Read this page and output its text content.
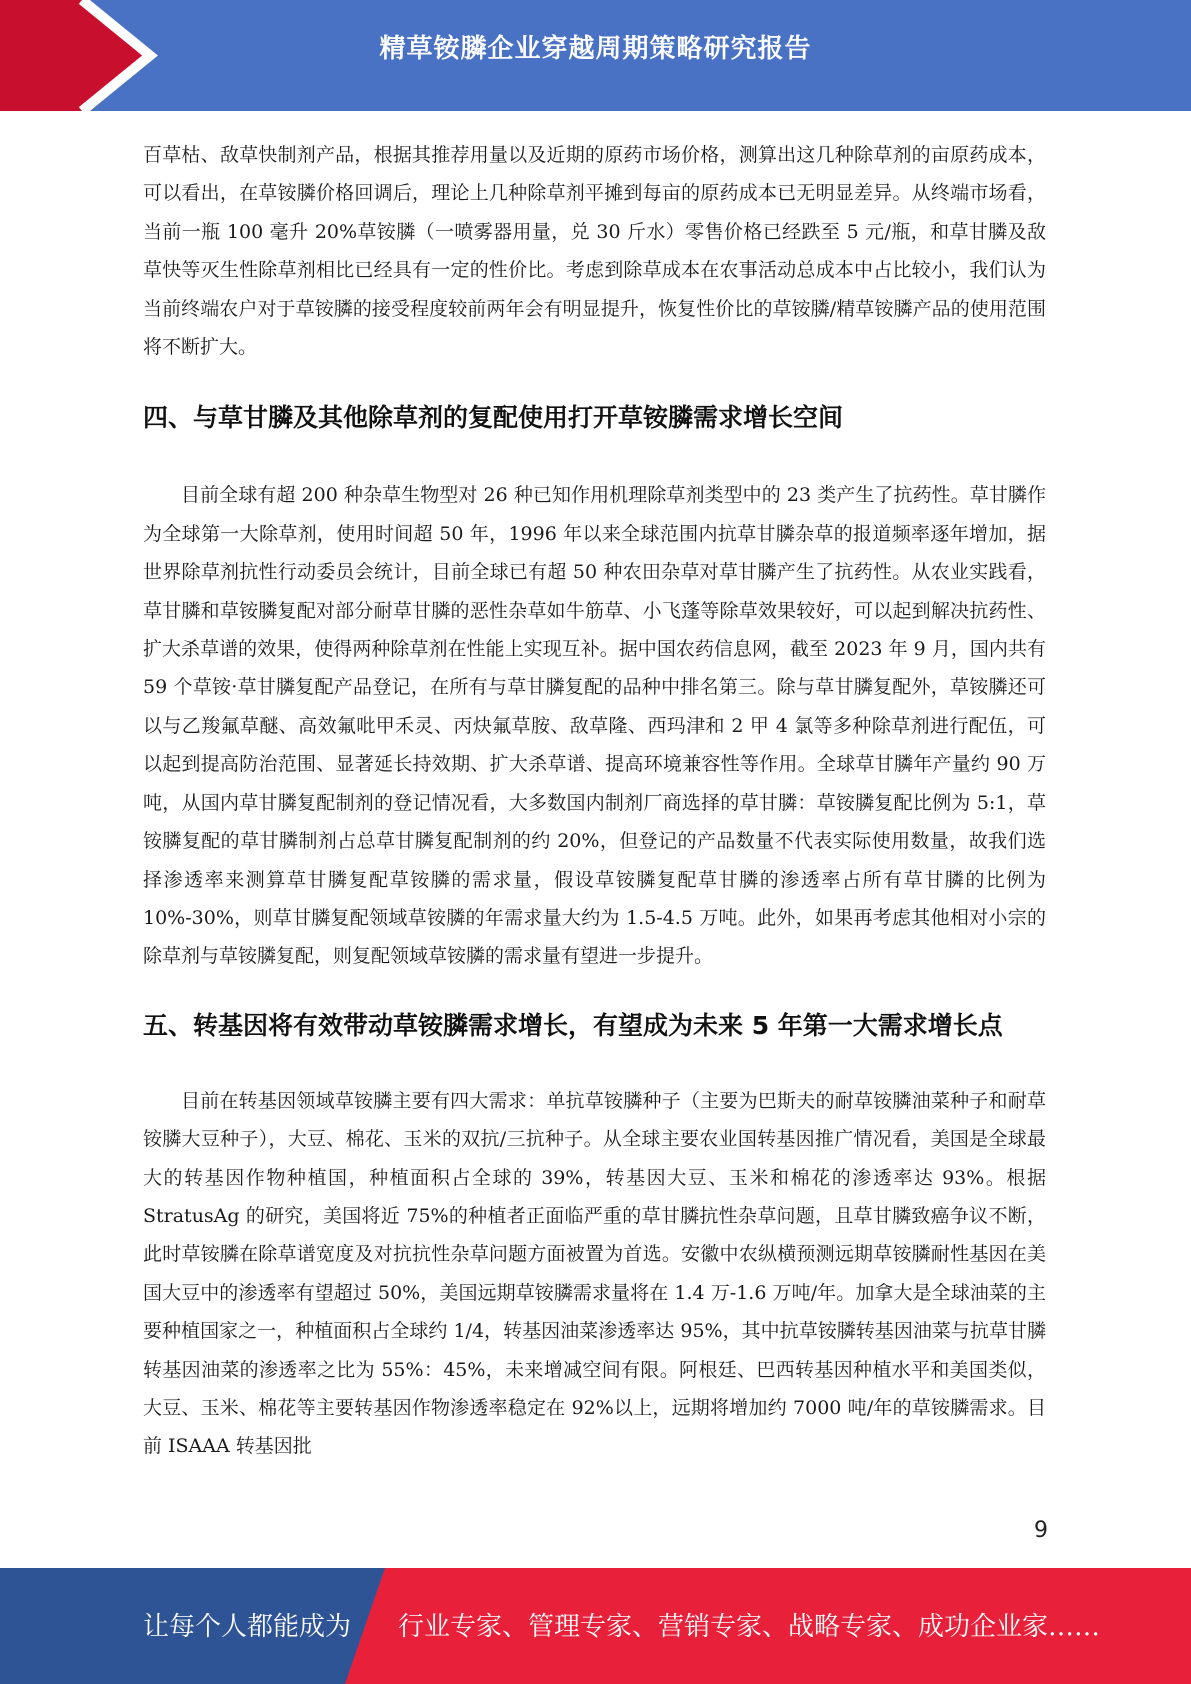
精草铵膦企业穿越周期策略研究报告

百草枯、敌草快制剂产品，根据其推荐用量以及近期的原药市场价格，测算出这几种除草剂的亩原药成本，可以看出，在草铵膦价格回调后，理论上几种除草剂平摊到每亩的原药成本已无明显差异。从终端市场看，当前一瓶 100 毫升 20%草铵膦（一喷雾器用量，兑 30 斤水）零售价格已经跌至 5 元/瓶，和草甘膦及敌草快等灭生性除草剂相比已经具有一定的性价比。考虑到除草成本在农事活动总成本中占比较小，我们认为当前终端农户对于草铵膦的接受程度较前两年会有明显提升，恢复性价比的草铵膦/精草铵膦产品的使用范围将不断扩大。

四、与草甘膦及其他除草剂的复配使用打开草铵膦需求增长空间

目前全球有超 200 种杂草生物型对 26 种已知作用机理除草剂类型中的 23 类产生了抗药性。草甘膦作为全球第一大除草剂，使用时间超 50 年，1996 年以来全球范围内抗草甘膦杂草的报道频率逐年增加，据世界除草剂抗性行动委员会统计，目前全球已有超 50 种农田杂草对草甘膦产生了抗药性。从农业实践看，草甘膦和草铵膦复配对部分耐草甘膦的恶性杂草如牛筋草、小飞蓬等除草效果较好，可以起到解决抗药性、扩大杀草谱的效果，使得两种除草剂在性能上实现互补。据中国农药信息网，截至 2023 年 9 月，国内共有 59 个草铵·草甘膦复配产品登记，在所有与草甘膦复配的品种中排名第三。除与草甘膦复配外，草铵膦还可以与乙羧氟草醚、高效氟吡甲禾灵、丙炔氟草胺、敌草隆、西玛津和 2 甲 4 氯等多种除草剂进行配伍，可以起到提高防治范围、显著延长持效期、扩大杀草谱、提高环境兼容性等作用。全球草甘膦年产量约 90 万吨，从国内草甘膦复配制剂的登记情况看，大多数国内制剂厂商选择的草甘膦：草铵膦复配比例为 5:1，草铵膦复配的草甘膦制剂占总草甘膦复配制剂的约 20%，但登记的产品数量不代表实际使用数量，故我们选择渗透率来测算草甘膦复配草铵膦的需求量，假设草铵膦复配草甘膦的渗透率占所有草甘膦的比例为 10%-30%，则草甘膦复配领域草铵膦的年需求量大约为 1.5-4.5 万吨。此外，如果再考虑其他相对小宗的除草剂与草铵膦复配，则复配领域草铵膦的需求量有望进一步提升。

五、转基因将有效带动草铵膦需求增长，有望成为未来 5 年第一大需求增长点

目前在转基因领域草铵膦主要有四大需求：单抗草铵膦种子（主要为巴斯夫的耐草铵膦油菜种子和耐草铵膦大豆种子），大豆、棉花、玉米的双抗/三抗种子。从全球主要农业国转基因推广情况看，美国是全球最大的转基因作物种植国，种植面积占全球的 39%，转基因大豆、玉米和棉花的渗透率达 93%。根据 StratusAg 的研究，美国将近 75%的种植者正面临严重的草甘膦抗性杂草问题，且草甘膦致癌争议不断，此时草铵膦在除草谱宽度及对抗抗性杂草问题方面被置为首选。安徽中农纵横预测远期草铵膦耐性基因在美国大豆中的渗透率有望超过 50%，美国远期草铵膦需求量将在 1.4 万-1.6 万吨/年。加拿大是全球油菜的主要种植国家之一，种植面积占全球约 1/4，转基因油菜渗透率达 95%，其中抗草铵膦转基因油菜与抗草甘膦转基因油菜的渗透率之比为 55%：45%，未来增减空间有限。阿根廷、巴西转基因种植水平和美国类似，大豆、玉米、棉花等主要转基因作物渗透率稳定在 92%以上，远期将增加约 7000 吨/年的草铵膦需求。目前 ISAAA 转基因批

9
让每个人都能成为 行业专家、管理专家、营销专家、战略专家、成功企业家……
